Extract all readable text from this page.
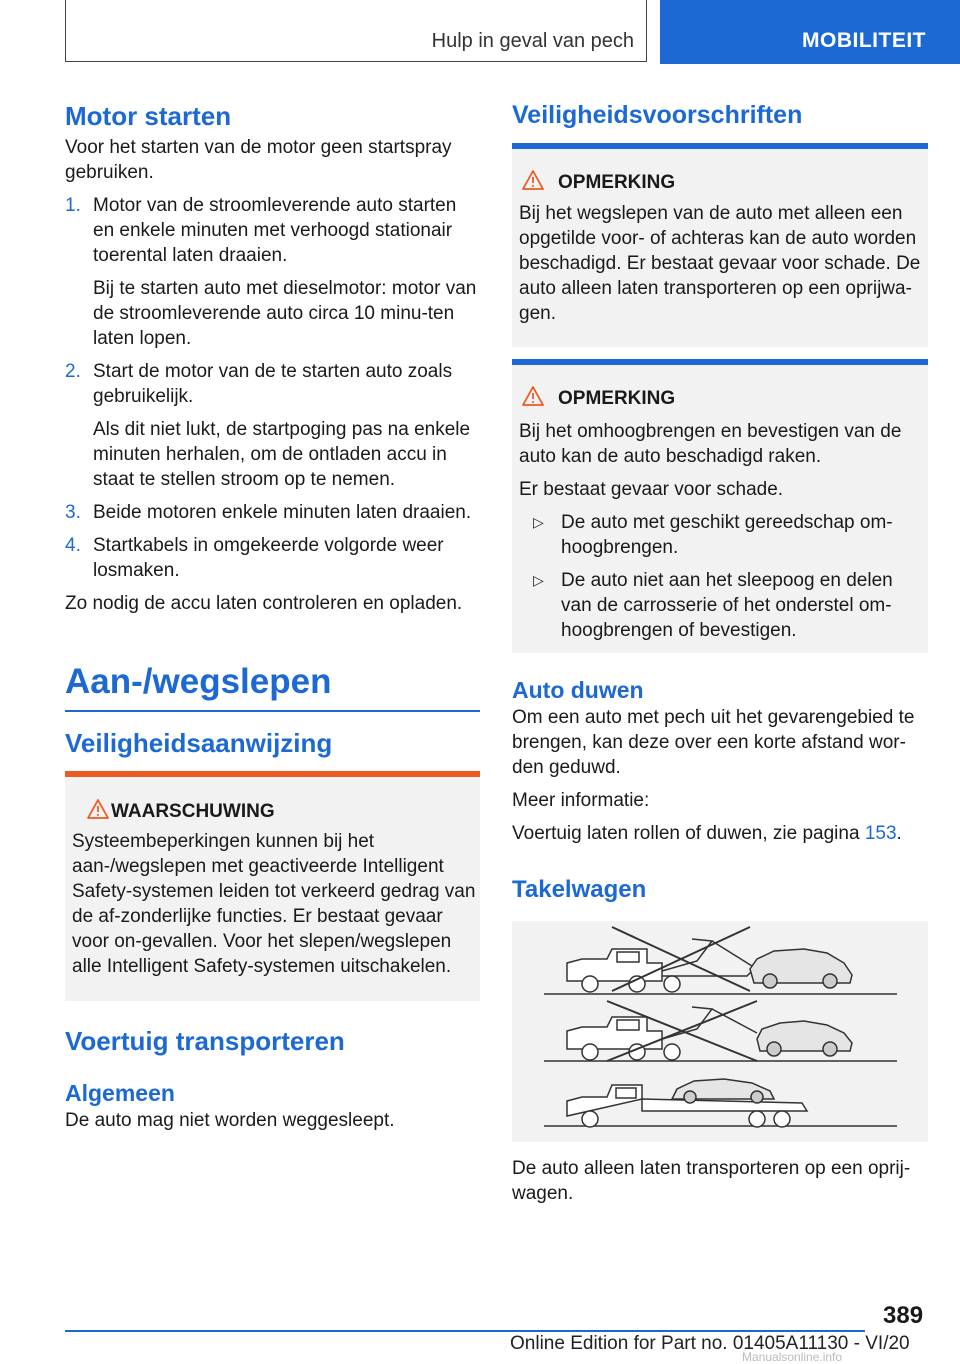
Hulp in geval van pech	MOBILITEIT
Motor starten

Voor het starten van de motor geen startspray gebruiken.

1. Motor van de stroomleverende auto starten en enkele minuten met verhoogd stationair toerental laten draaien.

Bij te starten auto met dieselmotor: motor van de stroomleverende auto circa 10 minu‐ten laten lopen.

2. Start de motor van de te starten auto zoals gebruikelijk.

Als dit niet lukt, de startpoging pas na enkele minuten herhalen, om de ontladen accu in staat te stellen stroom op te nemen.

3. Beide motoren enkele minuten laten draaien.

4. Startkabels in omgekeerde volgorde weer losmaken.

Zo nodig de accu laten controleren en opladen.

Aan-/wegslepen
Veiligheidsaanwijzing
WAARSCHUWING

Systeembeperkingen kunnen bij het aan-/wegslepen met geactiveerde Intelligent Safety-systemen leiden tot verkeerd gedrag van de af‐zonderlijke functies. Er bestaat gevaar voor on‐gevallen. Voor het slepen/wegslepen alle Intelligent Safety-systemen uitschakelen.

Voertuig transporteren
Algemeen

De auto mag niet worden weggesleept.

Veiligheidsvoorschriften
OPMERKING

Bij het wegslepen van de auto met alleen een opgetilde voor- of achteras kan de auto worden beschadigd. Er bestaat gevaar voor schade. De auto alleen laten transporteren op een oprijwa‐gen.

OPMERKING

Bij het omhoogbrengen en bevestigen van de auto kan de auto beschadigd raken.

Er bestaat gevaar voor schade.

▷ De auto met geschikt gereedschap om‐hoogbrengen.

▷ De auto niet aan het sleepoog en delen van de carrosserie of het onderstel om‐hoogbrengen of bevestigen.

Auto duwen

Om een auto met pech uit het gevarengebied te brengen, kan deze over een korte afstand wor‐den geduwd.

Meer informatie:

Voertuig laten rollen of duwen, zie pagina 153.

Takelwagen

De auto alleen laten transporteren op een oprij‐wagen.

389
Online Edition for Part no. 01405A11130 - VI/20
Manualsonline.info
